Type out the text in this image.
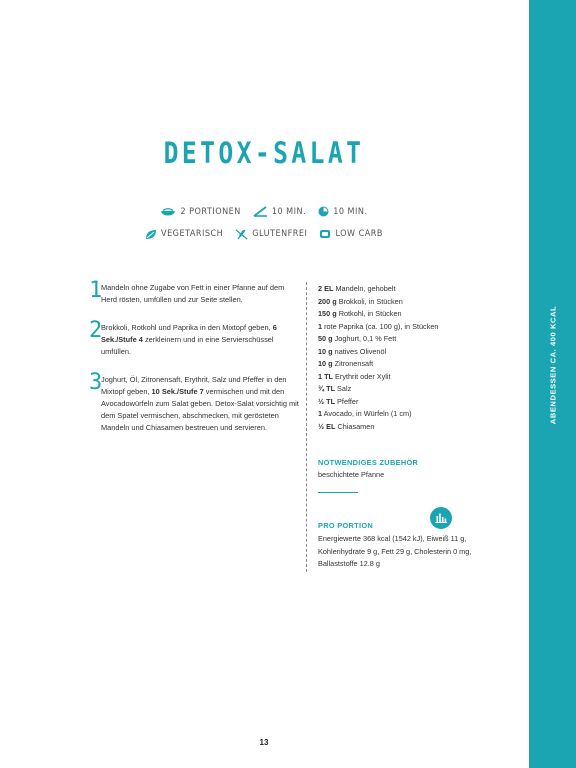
ABENDESSEN CA. 400 KCAL
DETOX-SALAT
2 PORTIONEN	10 MIN.	10 MIN.
VEGETARISCH	GLUTENFREI	LOW CARB
1
Mandeln ohne Zugabe von Fett in einer Pfanne auf dem Herd rösten, umfüllen und zur Seite stellen.
2
Brokkoli, Rotkohl und Paprika in den Mixtopf geben, 6 Sek./Stufe 4 zerkleinern und in eine Servierschüssel umfüllen.
3
Joghurt, Öl, Zitronensaft, Erythrit, Salz und Pfeffer in den Mixtopf geben, 10 Sek./Stufe 7 vermischen und mit den Avocadowürfeln zum Salat geben. Detox-Salat vorsichtig mit dem Spatel vermischen, abschmecken, mit gerösteten Mandeln und Chiasamen bestreuen und servieren.
2 EL Mandeln, gehobelt
200 g Brokkoli, in Stücken
150 g Rotkohl, in Stücken
1 rote Paprika (ca. 100 g), in Stücken
50 g Joghurt, 0,1 % Fett
10 g natives Olivenöl
10 g Zitronensaft
1 TL Erythrit oder Xylit
¾ TL Salz
½ TL Pfeffer
1 Avocado, in Würfeln (1 cm)
½ EL Chiasamen
NOTWENDIGES ZUBEHÖR
beschichtete Pfanne
PRO PORTION
Energiewerte 368 kcal (1542 kJ), Eiweiß 11 g, Kohlenhydrate 9 g, Fett 29 g, Cholesterin 0 mg, Ballaststoffe 12.8 g
13
